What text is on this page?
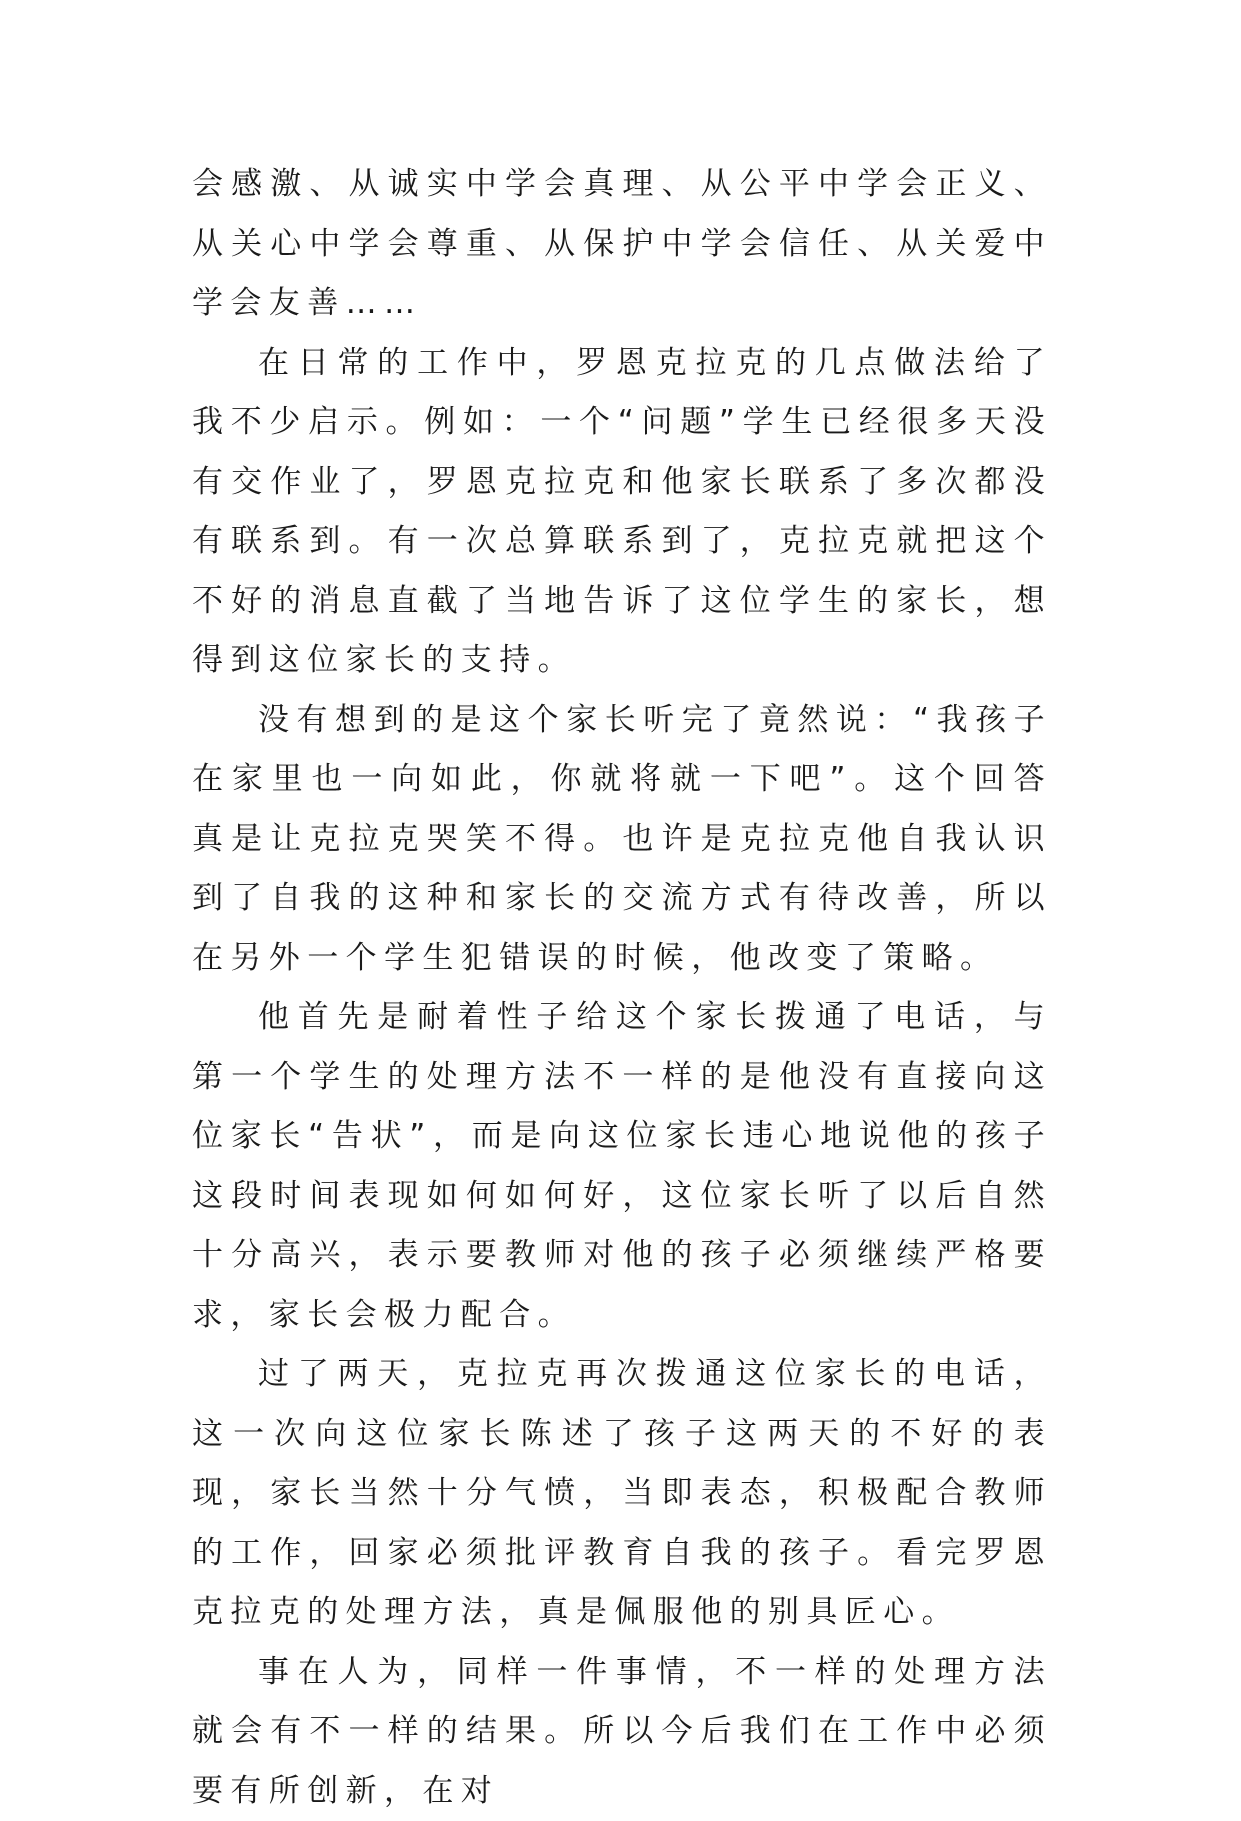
会感激、从诚实中学会真理、从公平中学会正义、从关心中学会尊重、从保护中学会信任、从关爱中学会友善……

在日常的工作中，罗恩克拉克的几点做法给了我不少启示。例如：一个“问题”学生已经很多天没有交作业了，罗恩克拉克和他家长联系了多次都没有联系到。有一次总算联系到了，克拉克就把这个不好的消息直截了当地告诉了这位学生的家长，想得到这位家长的支持。

没有想到的是这个家长听完了竟然说：“我孩子在家里也一向如此，你就将就一下吧”。这个回答真是让克拉克哭笑不得。也许是克拉克他自我认识到了自我的这种和家长的交流方式有待改善，所以在另外一个学生犯错误的时候，他改变了策略。

他首先是耐着性子给这个家长拨通了电话，与第一个学生的处理方法不一样的是他没有直接向这位家长“告状”，而是向这位家长违心地说他的孩子这段时间表现如何如何好，这位家长听了以后自然十分高兴，表示要教师对他的孩子必须继续严格要求，家长会极力配合。

过了两天，克拉克再次拨通这位家长的电话，这一次向这位家长陈述了孩子这两天的不好的表现，家长当然十分气愤，当即表态，积极配合教师的工作，回家必须批评教育自我的孩子。看完罗恩克拉克的处理方法，真是佩服他的别具匠心。

事在人为，同样一件事情，不一样的处理方法就会有不一样的结果。所以今后我们在工作中必须要有所创新，在对
